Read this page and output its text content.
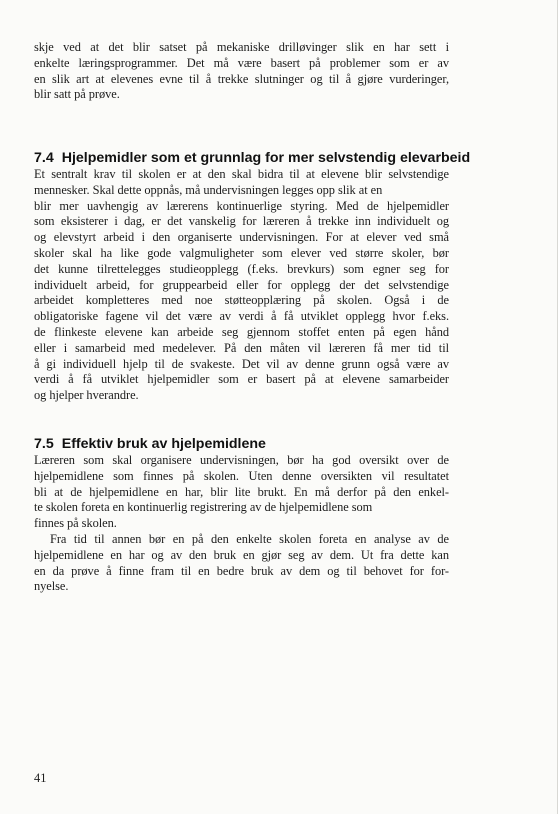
skje ved at det blir satset på mekaniske drilløvinger slik en har sett i
enkelte læringsprogrammer. Det må være basert på problemer som er av
en slik art at elevenes evne til å trekke slutninger og til å gjøre vurderinger,
blir satt på prøve.
7.4 Hjelpemidler som et grunnlag for mer selvstendig elevarbeid
Et sentralt krav til skolen er at den skal bidra til at elevene blir selvstendige
mennesker. Skal dette oppnås, må undervisningen legges opp slik at en
blir mer uavhengig av lærerens kontinuerlige styring. Med de hjelpemidler
som eksisterer i dag, er det vanskelig for læreren å trekke inn individuelt og
og elevstyrt arbeid i den organiserte undervisningen. For at elever ved små
skoler skal ha like gode valgmuligheter som elever ved større skoler, bør
det kunne tilrettelegges studieopplegg (f.eks. brevkurs) som egner seg for
individuelt arbeid, for gruppearbeid eller for opplegg der det selvstendige
arbeidet kompletteres med noe støtteopplæring på skolen. Også i de
obligatoriske fagene vil det være av verdi å få utviklet opplegg hvor f.eks.
de flinkeste elevene kan arbeide seg gjennom stoffet enten på egen hånd
eller i samarbeid med medelever. På den måten vil læreren få mer tid til
å gi individuell hjelp til de svakeste. Det vil av denne grunn også være av
verdi å få utviklet hjelpemidler som er basert på at elevene samarbeider
og hjelper hverandre.
7.5 Effektiv bruk av hjelpemidlene
Læreren som skal organisere undervisningen, bør ha god oversikt over de
hjelpemidlene som finnes på skolen. Uten denne oversikten vil resultatet
bli at de hjelpemidlene en har, blir lite brukt. En må derfor på den enkel-
te skolen foreta en kontinuerlig registrering av de hjelpemidlene som
finnes på skolen.
Fra tid til annen bør en på den enkelte skolen foreta en analyse av de
hjelpemidlene en har og av den bruk en gjør seg av dem. Ut fra dette kan
en da prøve å finne fram til en bedre bruk av dem og til behovet for for-
nyelse.
41
